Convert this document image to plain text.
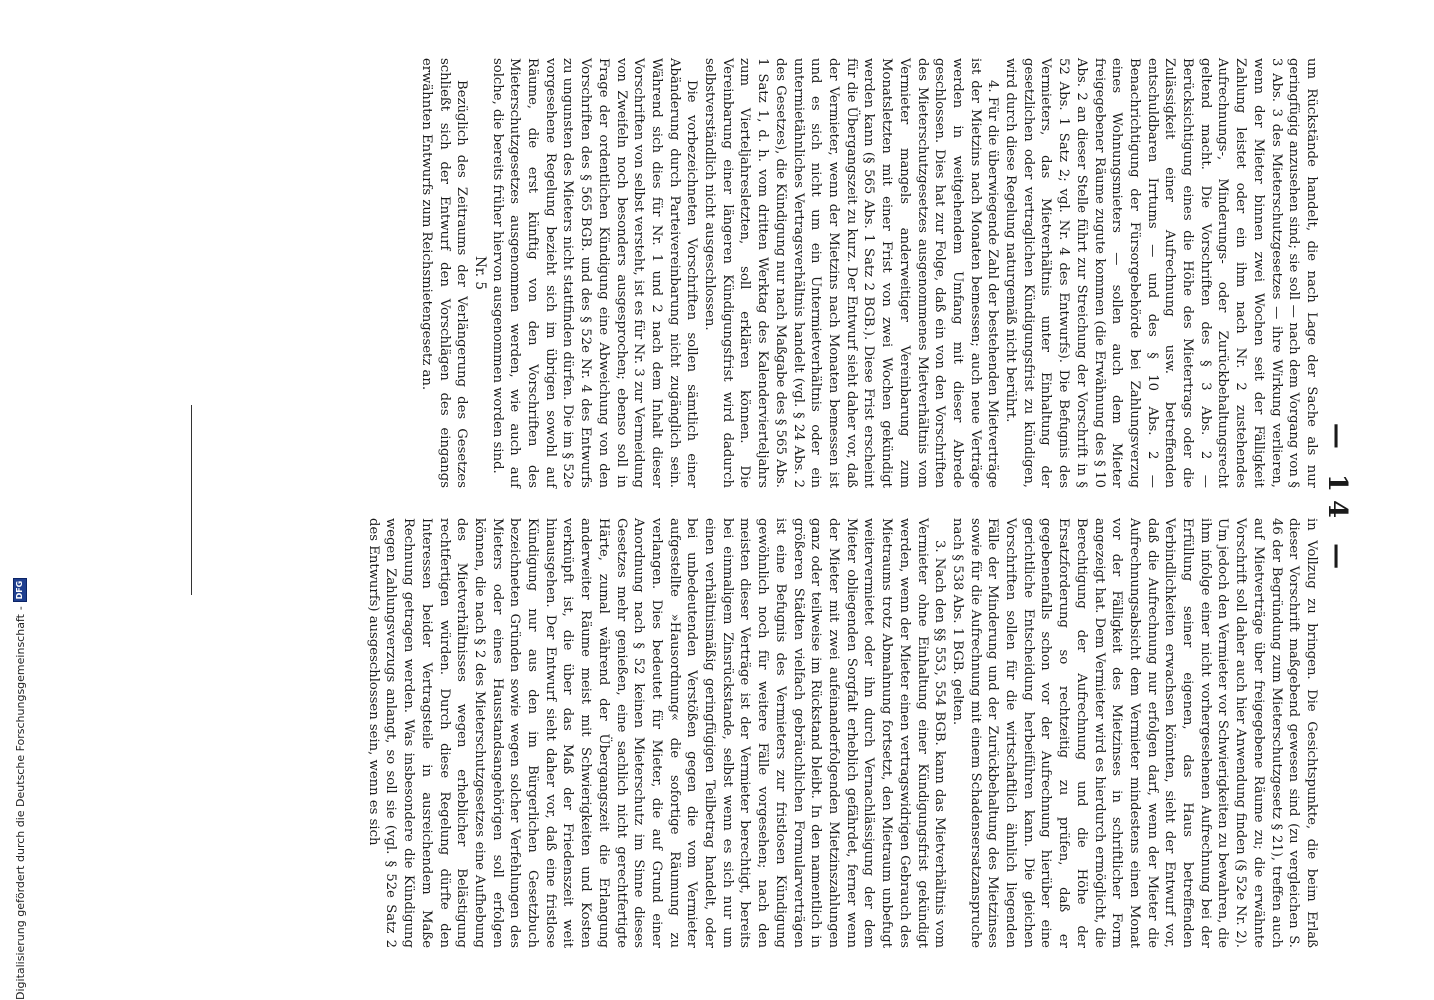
— 14 —

um Rückstände handelt, die nach Lage der Sache als nur geringfügig anzusehen sind; sie soll — nach dem Vorgang von § 3 Abs. 3 des Mieterschutzgesetzes — ihre Wirkung verlieren, wenn der Mieter binnen zwei Wochen seit der Fälligkeit Zahlung leistet oder ein ihm nach Nr. 2 zustehendes Aufrechnungs-, Minderungs- oder Zurückbehaltungsrecht geltend macht. Die Vorschriften des § 3 Abs. 2 — Berücksichtigung eines die Höhe des Mietertrags oder die Zulässigkeit einer Aufrechnung usw. betreffenden entschuldbaren Irrtums — und des § 10 Abs. 2 — Benachrichtigung der Fürsorgebehörde bei Zahlungsverzug eines Wohnungsmieters — sollen auch dem Mieter freigegebener Räume zugute kommen (die Erwähnung des § 10 Abs. 2 an dieser Stelle führt zur Streichung der Vorschrift in § 52 Abs. 1 Satz 2; vgl. Nr. 4 des Entwurfs). Die Befugnis des Vermieters, das Mietverhältnis unter Einhaltung der gesetzlichen oder vertraglichen Kündigungsfrist zu kündigen, wird durch diese Regelung naturgemäß nicht berührt.

4. Für die überwiegende Zahl der bestehenden Mietverträge ist der Mietzins nach Monaten bemessen; auch neue Verträge werden in weitgehendem Umfang mit dieser Abrede geschlossen. Dies hat zur Folge, daß ein von den Vorschriften des Mieterschutzgesetzes ausgenommenes Mietverhältnis vom Vermieter mangels anderweitiger Vereinbarung zum Monatsletzten mit einer Frist von zwei Wochen gekündigt werden kann (§ 565 Abs. 1 Satz 2 BGB.). Diese Frist erscheint für die Übergangszeit zu kurz. Der Entwurf sieht daher vor, daß der Vermieter, wenn der Mietzins nach Monaten bemessen ist und es sich nicht um ein Untermietverhältnis oder ein untermietähnliches Vertragsverhältnis handelt (vgl. § 24 Abs. 2 des Gesetzes), die Kündigung nur nach Maßgabe des § 565 Abs. 1 Satz 1, d. h. vom dritten Werktag des Kalendervierteljahrs zum Vierteljahresletzten, soll erklären können. Die Vereinbarung einer längeren Kündigungsfrist wird dadurch selbstverständlich nicht ausgeschlossen.

Die vorbezeichneten Vorschriften sollen sämtlich einer Abänderung durch Parteivereinbarung nicht zugänglich sein. Während sich dies für Nr. 1 und 2 nach dem Inhalt dieser Vorschriften von selbst versteht, ist es für Nr. 3 zur Vermeidung von Zweifeln noch besonders ausgesprochen; ebenso soll in Frage der ordentlichen Kündigung eine Abweichung von den Vorschriften des § 565 BGB. und des § 52e Nr. 4 des Entwurfs zu ungunsten des Mieters nicht stattfinden dürfen. Die im § 52e vorgesehene Regelung bezieht sich im übrigen sowohl auf Räume, die erst künftig von den Vorschriften des Mieterschutzgesetzes ausgenommen werden, wie auch auf solche, die bereits früher hiervon ausgenommen worden sind.

Nr. 5

Bezüglich des Zeitraums der Verlängerung des Gesetzes schließt sich der Entwurf den Vorschlägen des eingangs erwähnten Entwurfs zum Reichsmietengesetz an.

in Vollzug zu bringen. Die Gesichtspunkte, die beim Erlaß dieser Vorschrift maßgebend gewesen sind (zu vergleichen S. 46 der Begründung zum Mieterschutzgesetz § 21), treffen auch auf Mietverträge über freigegebene Räume zu; die erwähnte Vorschrift soll daher auch hier Anwendung finden (§ 52e Nr. 2). Um jedoch den Vermieter vor Schwierigkeiten zu bewahren, die ihm infolge einer nicht vorhergesehenen Aufrechnung bei der Erfüllung seiner eigenen, das Haus betreffenden Verbindlichkeiten erwachsen könnten, sieht der Entwurf vor, daß die Aufrechnung nur erfolgen darf, wenn der Mieter die Aufrechnungsabsicht dem Vermieter mindestens einen Monat vor der Fälligkeit des Mietzinses in schriftlicher Form angezeigt hat. Dem Vermieter wird es hierdurch ermöglicht, die Berechtigung der Aufrechnung und die Höhe der Ersatzforderung so rechtzeitig zu prüfen, daß er gegebenenfalls schon vor der Aufrechnung hierüber eine gerichtliche Entscheidung herbeiführen kann. Die gleichen Vorschriften sollen für die wirtschaftlich ähnlich liegenden Fälle der Minderung und der Zurückbehaltung des Mietzinses sowie für die Aufrechnung mit einem Schadensersatzanspruche nach § 538 Abs. 1 BGB. gelten.

3. Nach den §§ 553, 554 BGB. kann das Mietverhältnis vom Vermieter ohne Einhaltung einer Kündigungsfrist gekündigt werden, wenn der Mieter einen vertragswidrigen Gebrauch des Mietraums trotz Abmahnung fortsetzt, den Mietraum unbefugt weitervermietet oder ihn durch Vernachlässigung der dem Mieter obliegenden Sorgfalt erheblich gefährdet, ferner wenn der Mieter mit zwei aufeinanderfolgenden Mietzinszahlungen ganz oder teilweise im Rückstand bleibt. In den namentlich in größeren Städten vielfach gebräuchlichen Formularverträgen ist eine Befugnis des Vermieters zur fristlosen Kündigung gewöhnlich noch für weitere Fälle vorgesehen; nach den meisten dieser Verträge ist der Vermieter berechtigt, bereits bei einmaligem Zinsrückstande, selbst wenn es sich nur um einen verhältnismäßig geringfügigen Teilbetrag handelt, oder bei unbedeutenden Verstößen gegen die vom Vermieter aufgestellte »Hausordnung« die sofortige Räumung zu verlangen. Dies bedeutet für Mieter, die auf Grund einer Anordnung nach § 52 keinen Mieterschutz im Sinne dieses Gesetzes mehr genießen, eine sachlich nicht gerechtfertigte Härte, zumal während der Übergangszeit die Erlangung anderweiter Räume meist mit Schwierigkeiten und Kosten verknüpft ist, die über das Maß der Friedenszeit weit hinausgehen. Der Entwurf sieht daher vor, daß eine fristlose Kündigung nur aus den im Bürgerlichen Gesetzbuch bezeichneten Gründen sowie wegen solcher Verfehlungen des Mieters oder eines Hausstandsangehörigen soll erfolgen können, die nach § 2 des Mieterschutzgesetzes eine Aufhebung des Mietverhältnisses wegen erheblicher Belästigung rechtfertigen würden. Durch diese Regelung dürfte den Interessen beider Vertragsteile in ausreichendem Maße Rechnung getragen werden. Was insbesondere die Kündigung wegen Zahlungsverzugs anlangt, so soll sie (vgl. § 52e Satz 2 des Entwurfs) ausgeschlossen sein, wenn es sich

Digitalisierung gefördert durch die Deutsche Forschungsgemeinschaft
-
DFG
